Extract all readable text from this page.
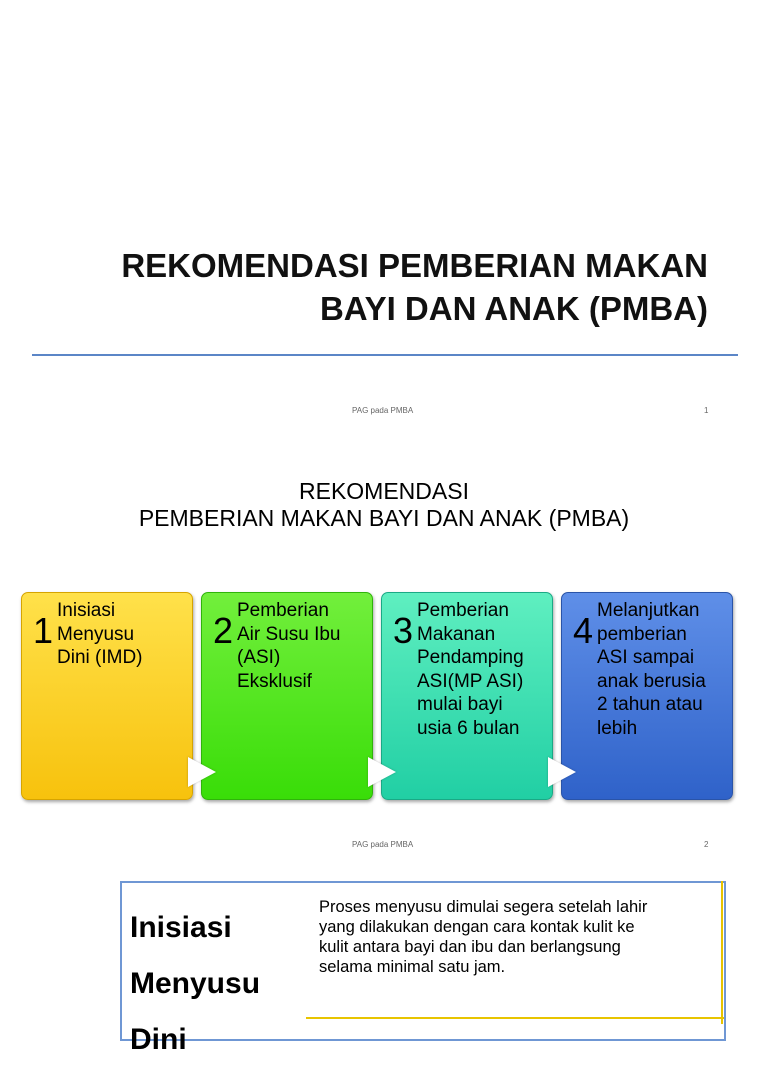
REKOMENDASI PEMBERIAN MAKAN
BAYI DAN ANAK (PMBA)
PAG pada PMBA	1
REKOMENDASI
PEMBERIAN MAKAN BAYI DAN ANAK (PMBA)
1 Inisiasi
Menyusu
Dini (IMD)
2 Pemberian
Air Susu Ibu
(ASI)
Eksklusif
3 Pemberian
Makanan
Pendamping
ASI(MP ASI)
mulai bayi
usia 6 bulan
4 Melanjutkan
pemberian
ASI sampai
anak berusia
2 tahun atau
lebih
PAG pada PMBA	2
Inisiasi
Menyusu
Dini
Proses menyusu dimulai segera setelah lahir
yang dilakukan dengan cara kontak kulit ke
kulit antara bayi dan ibu dan berlangsung
selama minimal satu jam.
